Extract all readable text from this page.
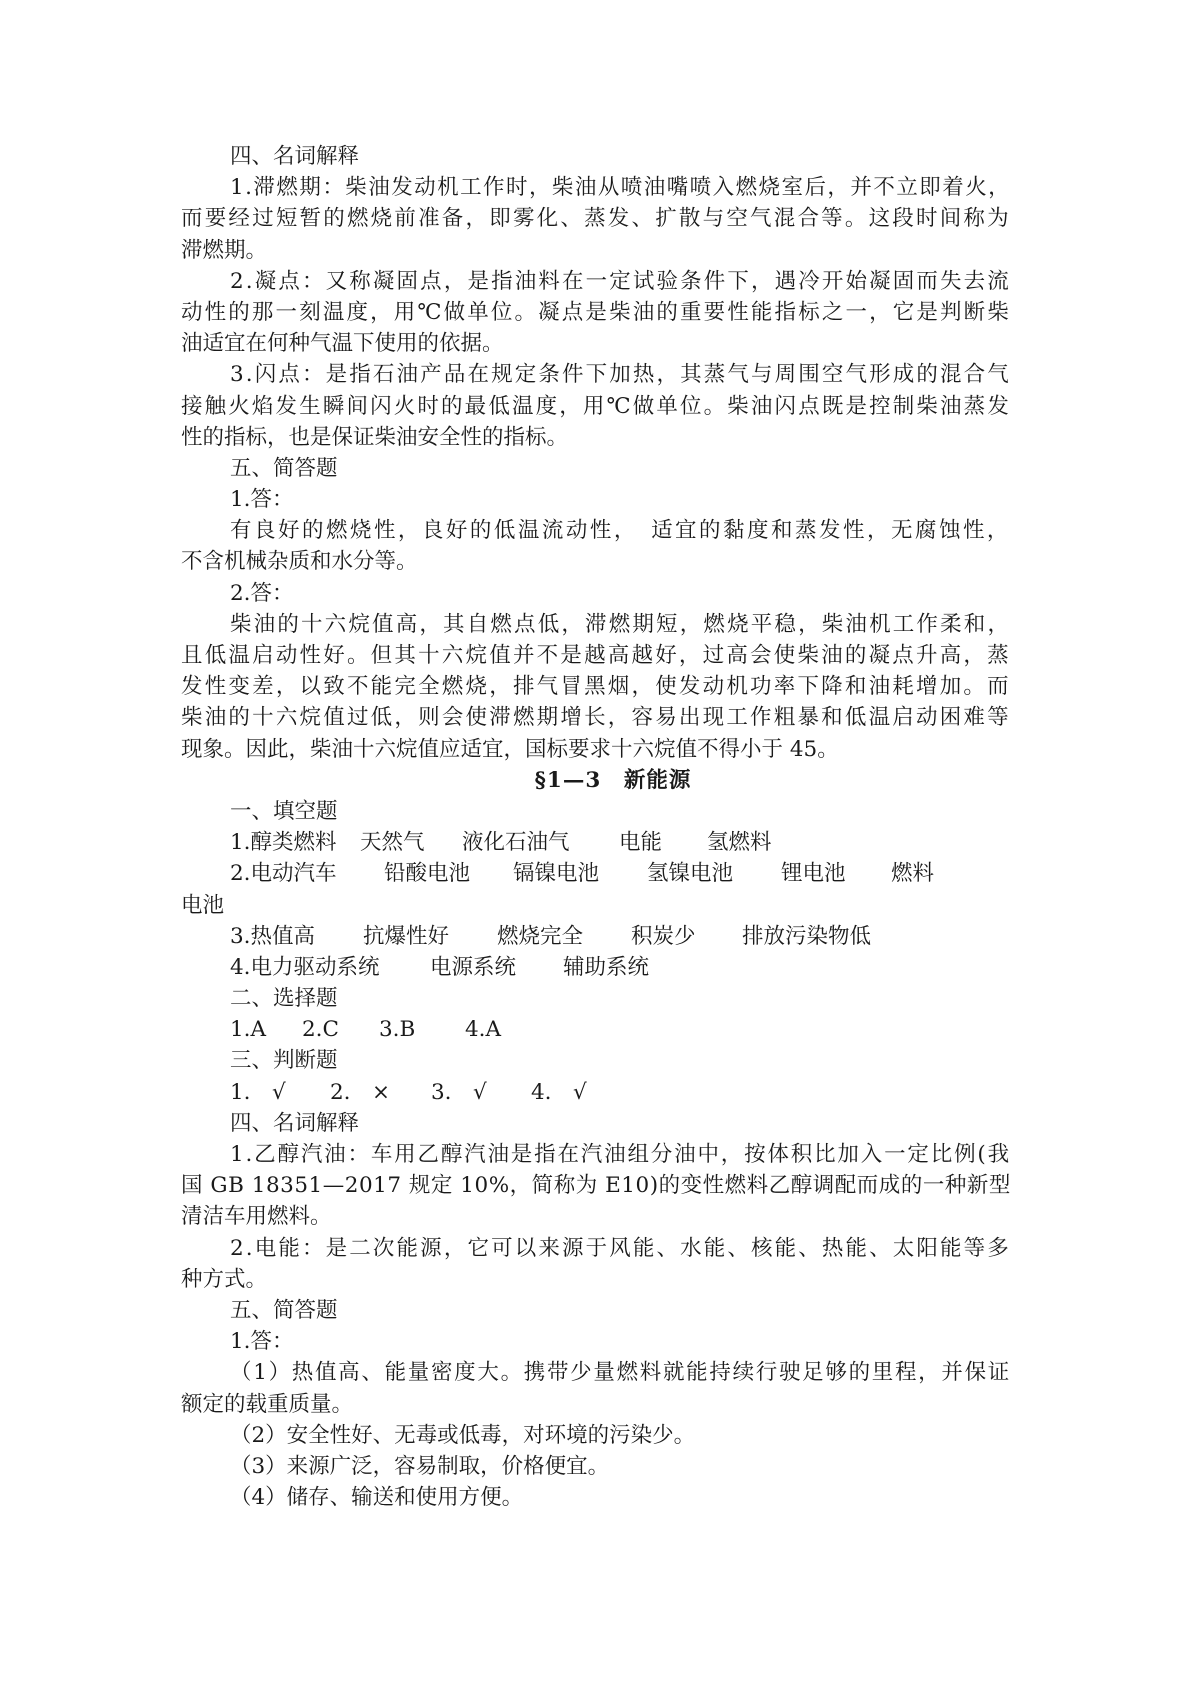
四、名词解释
1.滞燃期：柴油发动机工作时，柴油从喷油嘴喷入燃烧室后，并不立即着火，
而要经过短暂的燃烧前准备，即雾化、蒸发、扩散与空气混合等。这段时间称为
滞燃期。
2.凝点：又称凝固点，是指油料在一定试验条件下，遇冷开始凝固而失去流
动性的那一刻温度，用℃做单位。凝点是柴油的重要性能指标之一，它是判断柴
油适宜在何种气温下使用的依据。
3.闪点：是指石油产品在规定条件下加热，其蒸气与周围空气形成的混合气
接触火焰发生瞬间闪火时的最低温度，用℃做单位。柴油闪点既是控制柴油蒸发
性的指标，也是保证柴油安全性的指标。
五、简答题
1.答：
有良好的燃烧性，良好的低温流动性，　适宜的黏度和蒸发性，无腐蚀性，
不含机械杂质和水分等。
2.答：
柴油的十六烷值高，其自燃点低，滞燃期短，燃烧平稳，柴油机工作柔和，
且低温启动性好。但其十六烷值并不是越高越好，过高会使柴油的凝点升高，蒸
发性变差，以致不能完全燃烧，排气冒黑烟，使发动机功率下降和油耗增加。而
柴油的十六烷值过低，则会使滞燃期增长，容易出现工作粗暴和低温启动困难等
现象。因此，柴油十六烷值应适宜，国标要求十六烷值不得小于 45。
§1—3　新能源
一、填空题
1.醇类燃料 天然气 液化石油气 电能 氢燃料
2.电动汽车 铅酸电池 镉镍电池 氢镍电池 锂电池 燃料
电池
3.热值高 抗爆性好 燃烧完全 积炭少 排放污染物低
4.电力驱动系统 电源系统 辅助系统
二、选择题
1.A 2.C 3.B 4.A
三、判断题
1.　√ 2.　× 3.　√ 4.　√
四、名词解释
1.乙醇汽油：车用乙醇汽油是指在汽油组分油中，按体积比加入一定比例(我
国 GB 18351—2017 规定 10%，简称为 E10)的变性燃料乙醇调配而成的一种新型
清洁车用燃料。
2.电能：是二次能源，它可以来源于风能、水能、核能、热能、太阳能等多
种方式。
五、简答题
1.答：
（1）热值高、能量密度大。携带少量燃料就能持续行驶足够的里程，并保证
额定的载重质量。
（2）安全性好、无毒或低毒，对环境的污染少。
（3）来源广泛，容易制取，价格便宜。
（4）储存、输送和使用方便。
